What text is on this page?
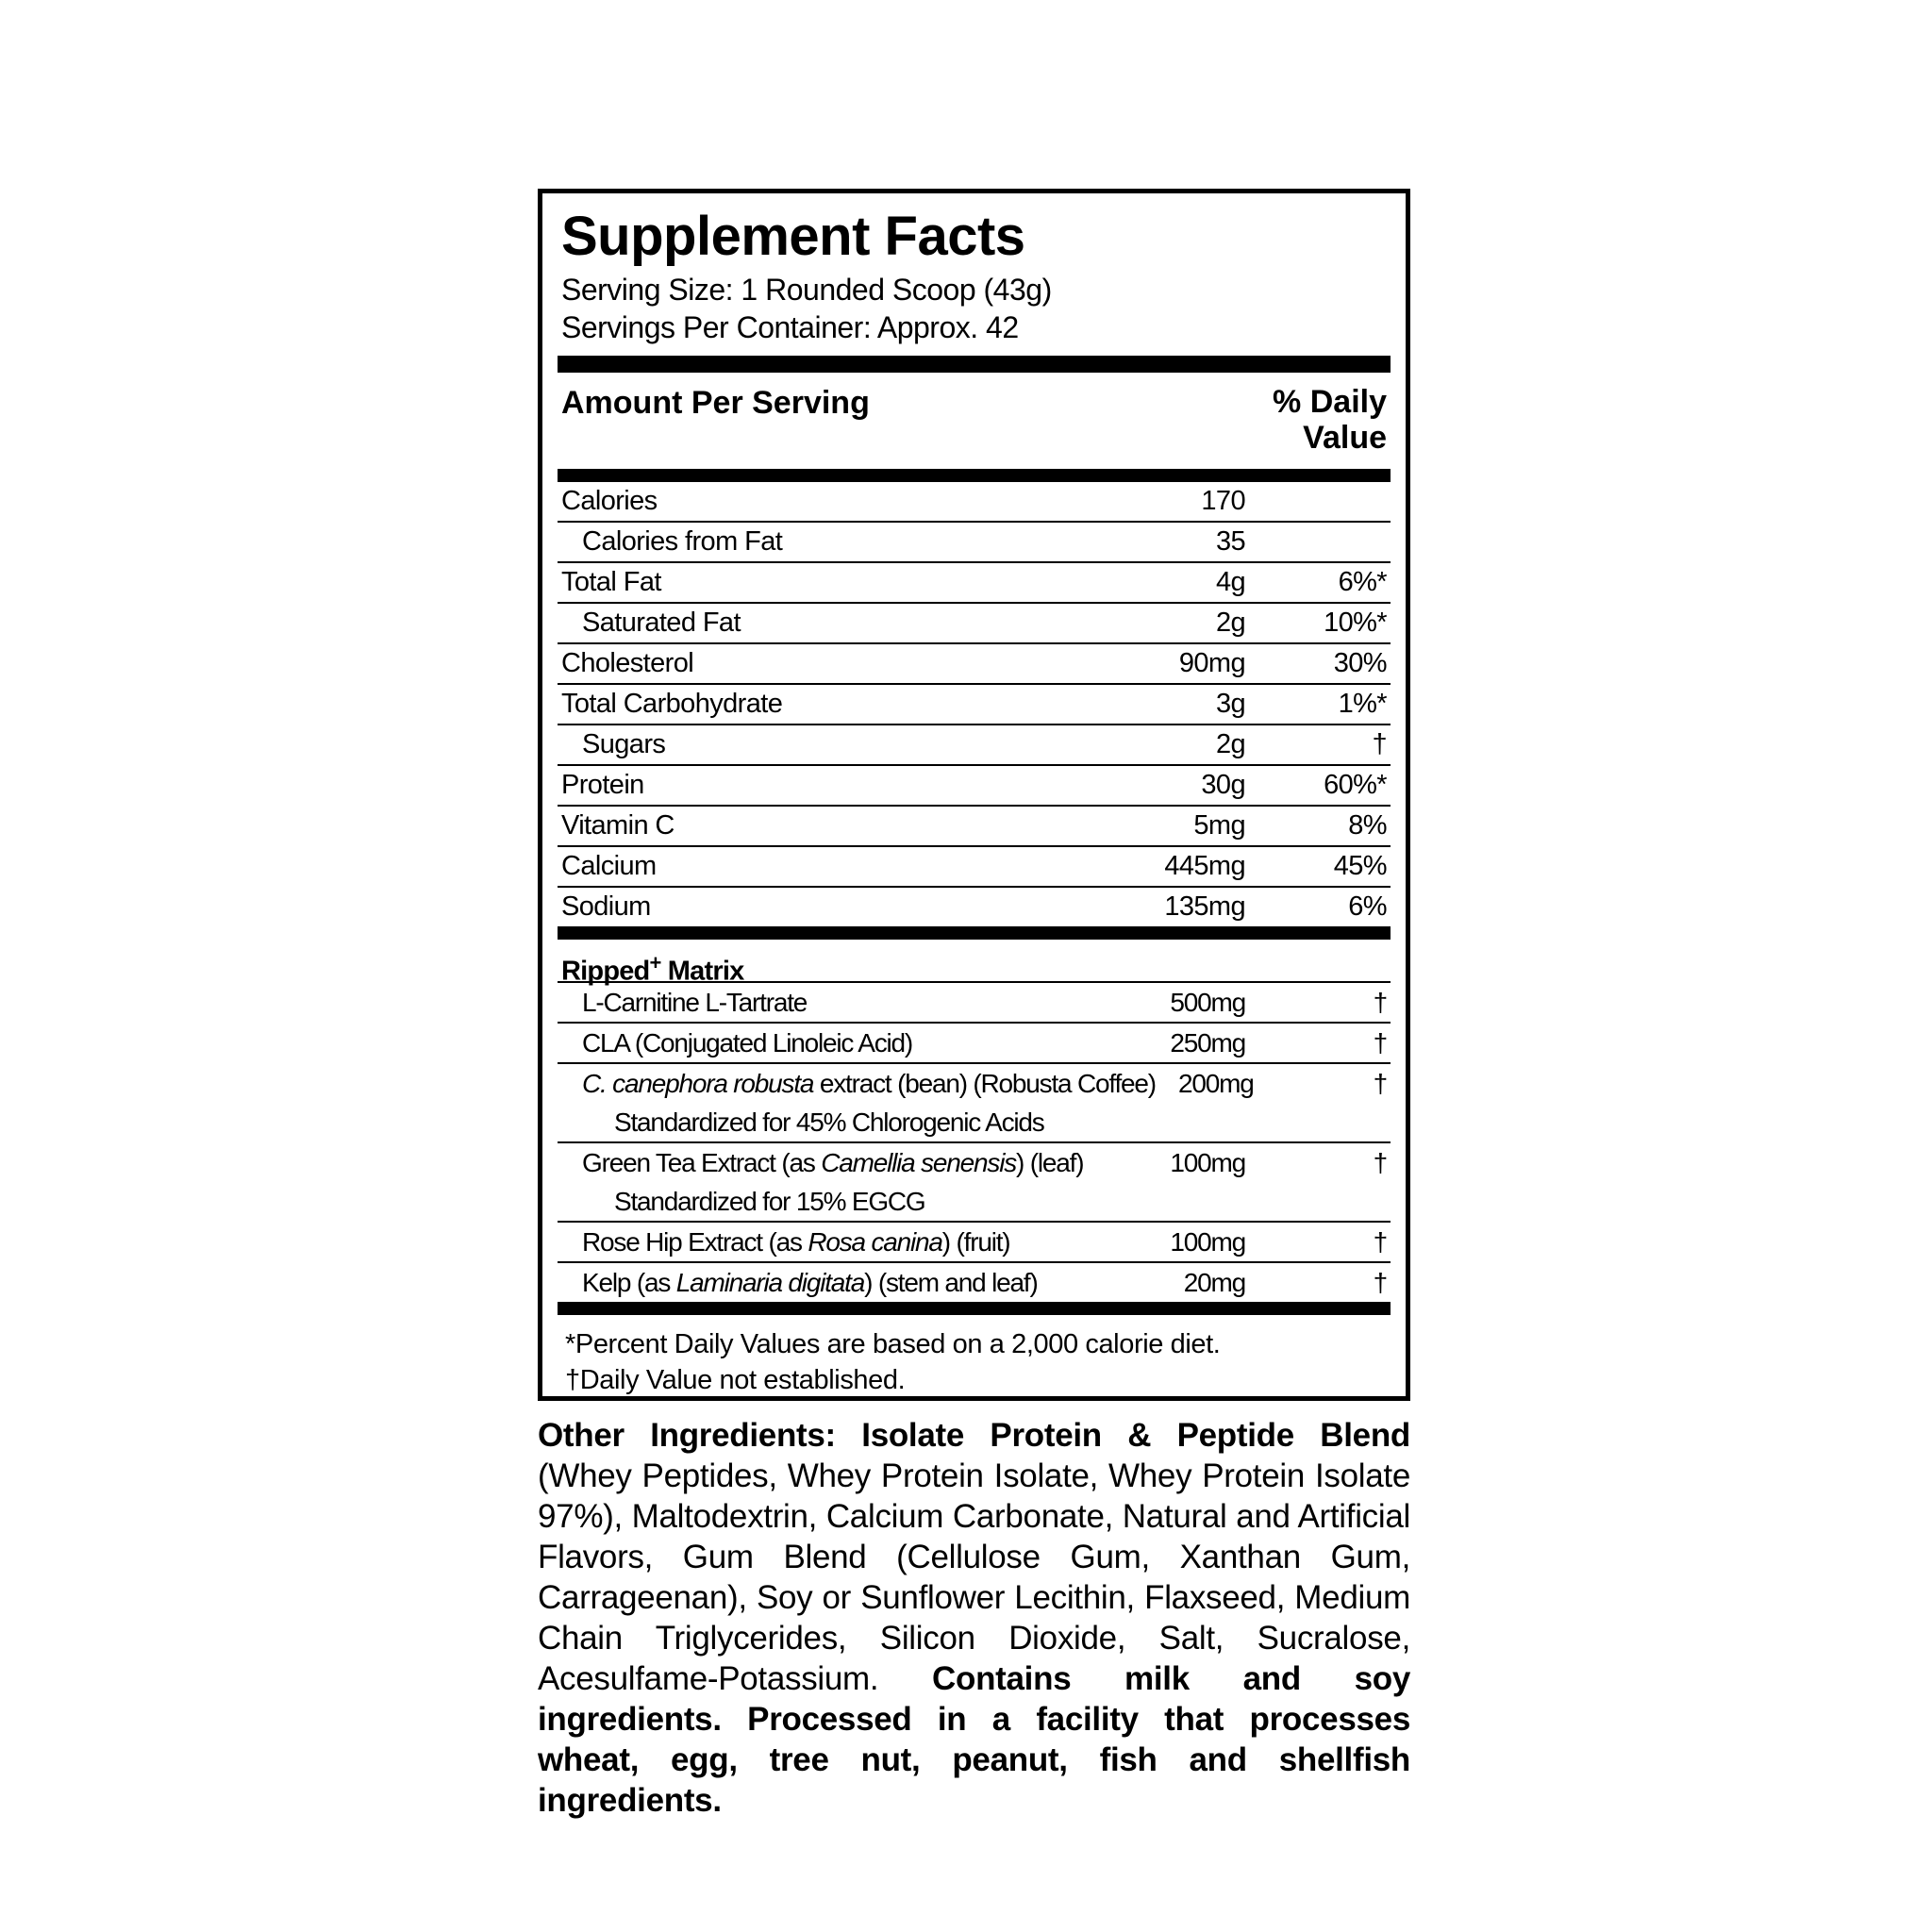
Supplement Facts
Serving Size: 1 Rounded Scoop (43g)
Servings Per Container: Approx. 42
Amount Per Serving	% Daily
Value
Calories	170
Calories from Fat	35
Total Fat	4g	6%*
Saturated Fat	2g	10%*
Cholesterol	90mg	30%
Total Carbohydrate	3g	1%*
Sugars	2g	†
Protein	30g	60%*
Vitamin C	5mg	8%
Calcium	445mg	45%
Sodium	135mg	6%
Ripped+ Matrix
L-Carnitine L-Tartrate	500mg	†
CLA (Conjugated Linoleic Acid)	250mg	†
C. canephora robusta extract (bean) (Robusta Coffee) 200mg	†
Standardized for 45% Chlorogenic Acids
Green Tea Extract (as Camellia senensis) (leaf)	100mg	†
Standardized for 15% EGCG
Rose Hip Extract (as Rosa canina) (fruit)	100mg	†
Kelp (as Laminaria digitata) (stem and leaf)	20mg	†
*Percent Daily Values are based on a 2,000 calorie diet.
†Daily Value not established.
Other Ingredients: Isolate Protein & Peptide Blend (Whey Peptides, Whey Protein Isolate, Whey Protein Isolate 97%), Maltodextrin, Calcium Carbonate, Natural and Artificial Flavors, Gum Blend (Cellulose Gum, Xanthan Gum, Carrageenan), Soy or Sunflower Lecithin, Flaxseed, Medium Chain Triglycerides, Silicon Dioxide, Salt, Sucralose, Acesulfame-Potassium. Contains milk and soy ingredients. Processed in a facility that processes wheat, egg, tree nut, peanut, fish and shellfish ingredients.
